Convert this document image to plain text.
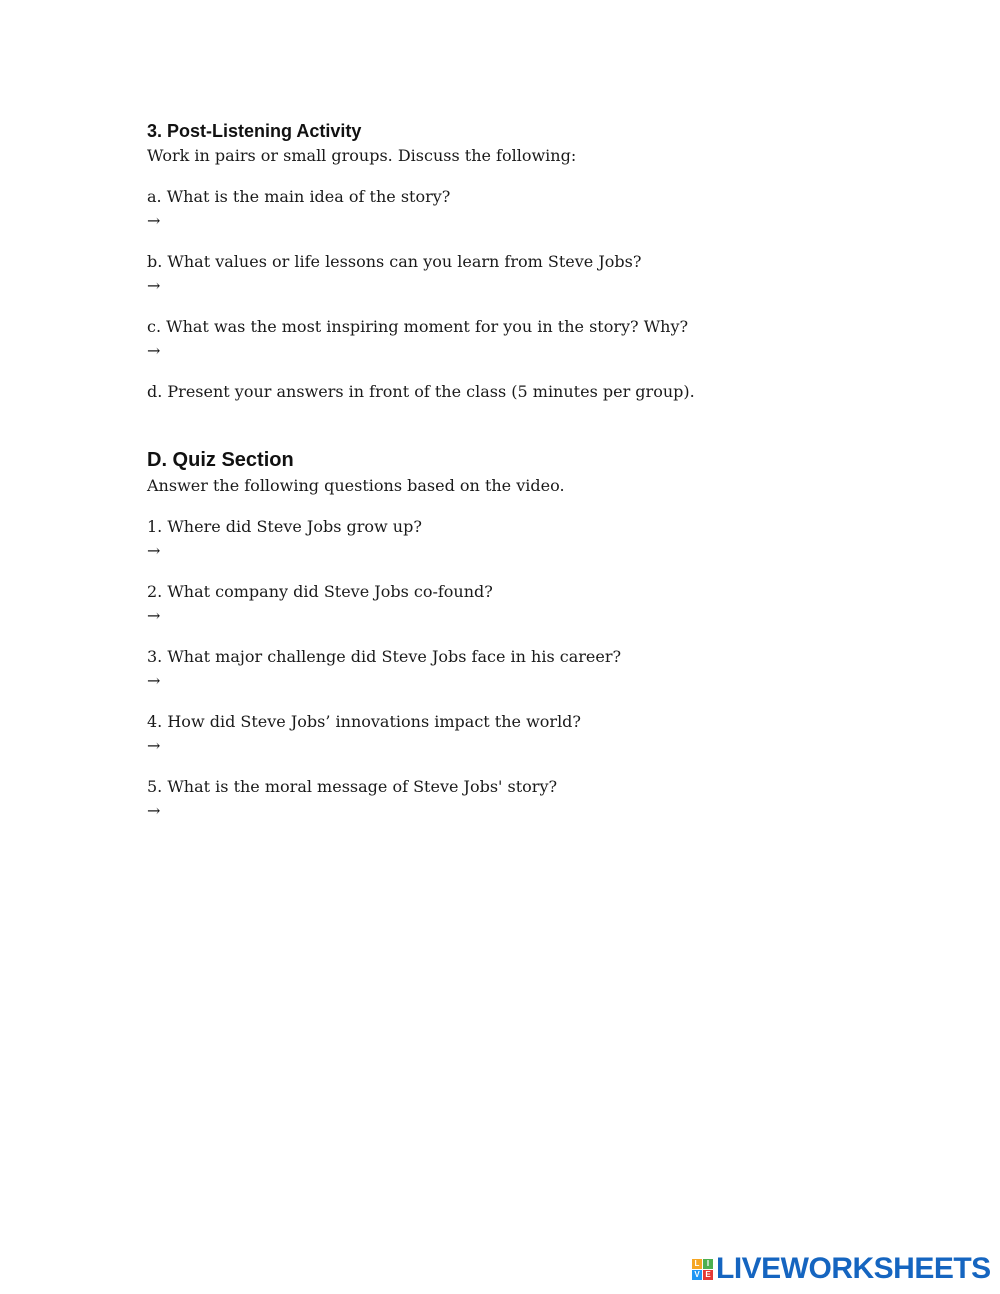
3. Post-Listening Activity

Work in pairs or small groups. Discuss the following:

a. What is the main idea of the story?

→

b. What values or life lessons can you learn from Steve Jobs?

→

c. What was the most inspiring moment for you in the story? Why?

→

d. Present your answers in front of the class (5 minutes per group).

D. Quiz Section

Answer the following questions based on the video.

1. Where did Steve Jobs grow up?

→

2. What company did Steve Jobs co-found?

→

3. What major challenge did Steve Jobs face in his career?

→

4. How did Steve Jobs’ innovations impact the world?

→

5. What is the moral message of Steve Jobs' story?

→

L I
V E LIVEWORKSHEETS
